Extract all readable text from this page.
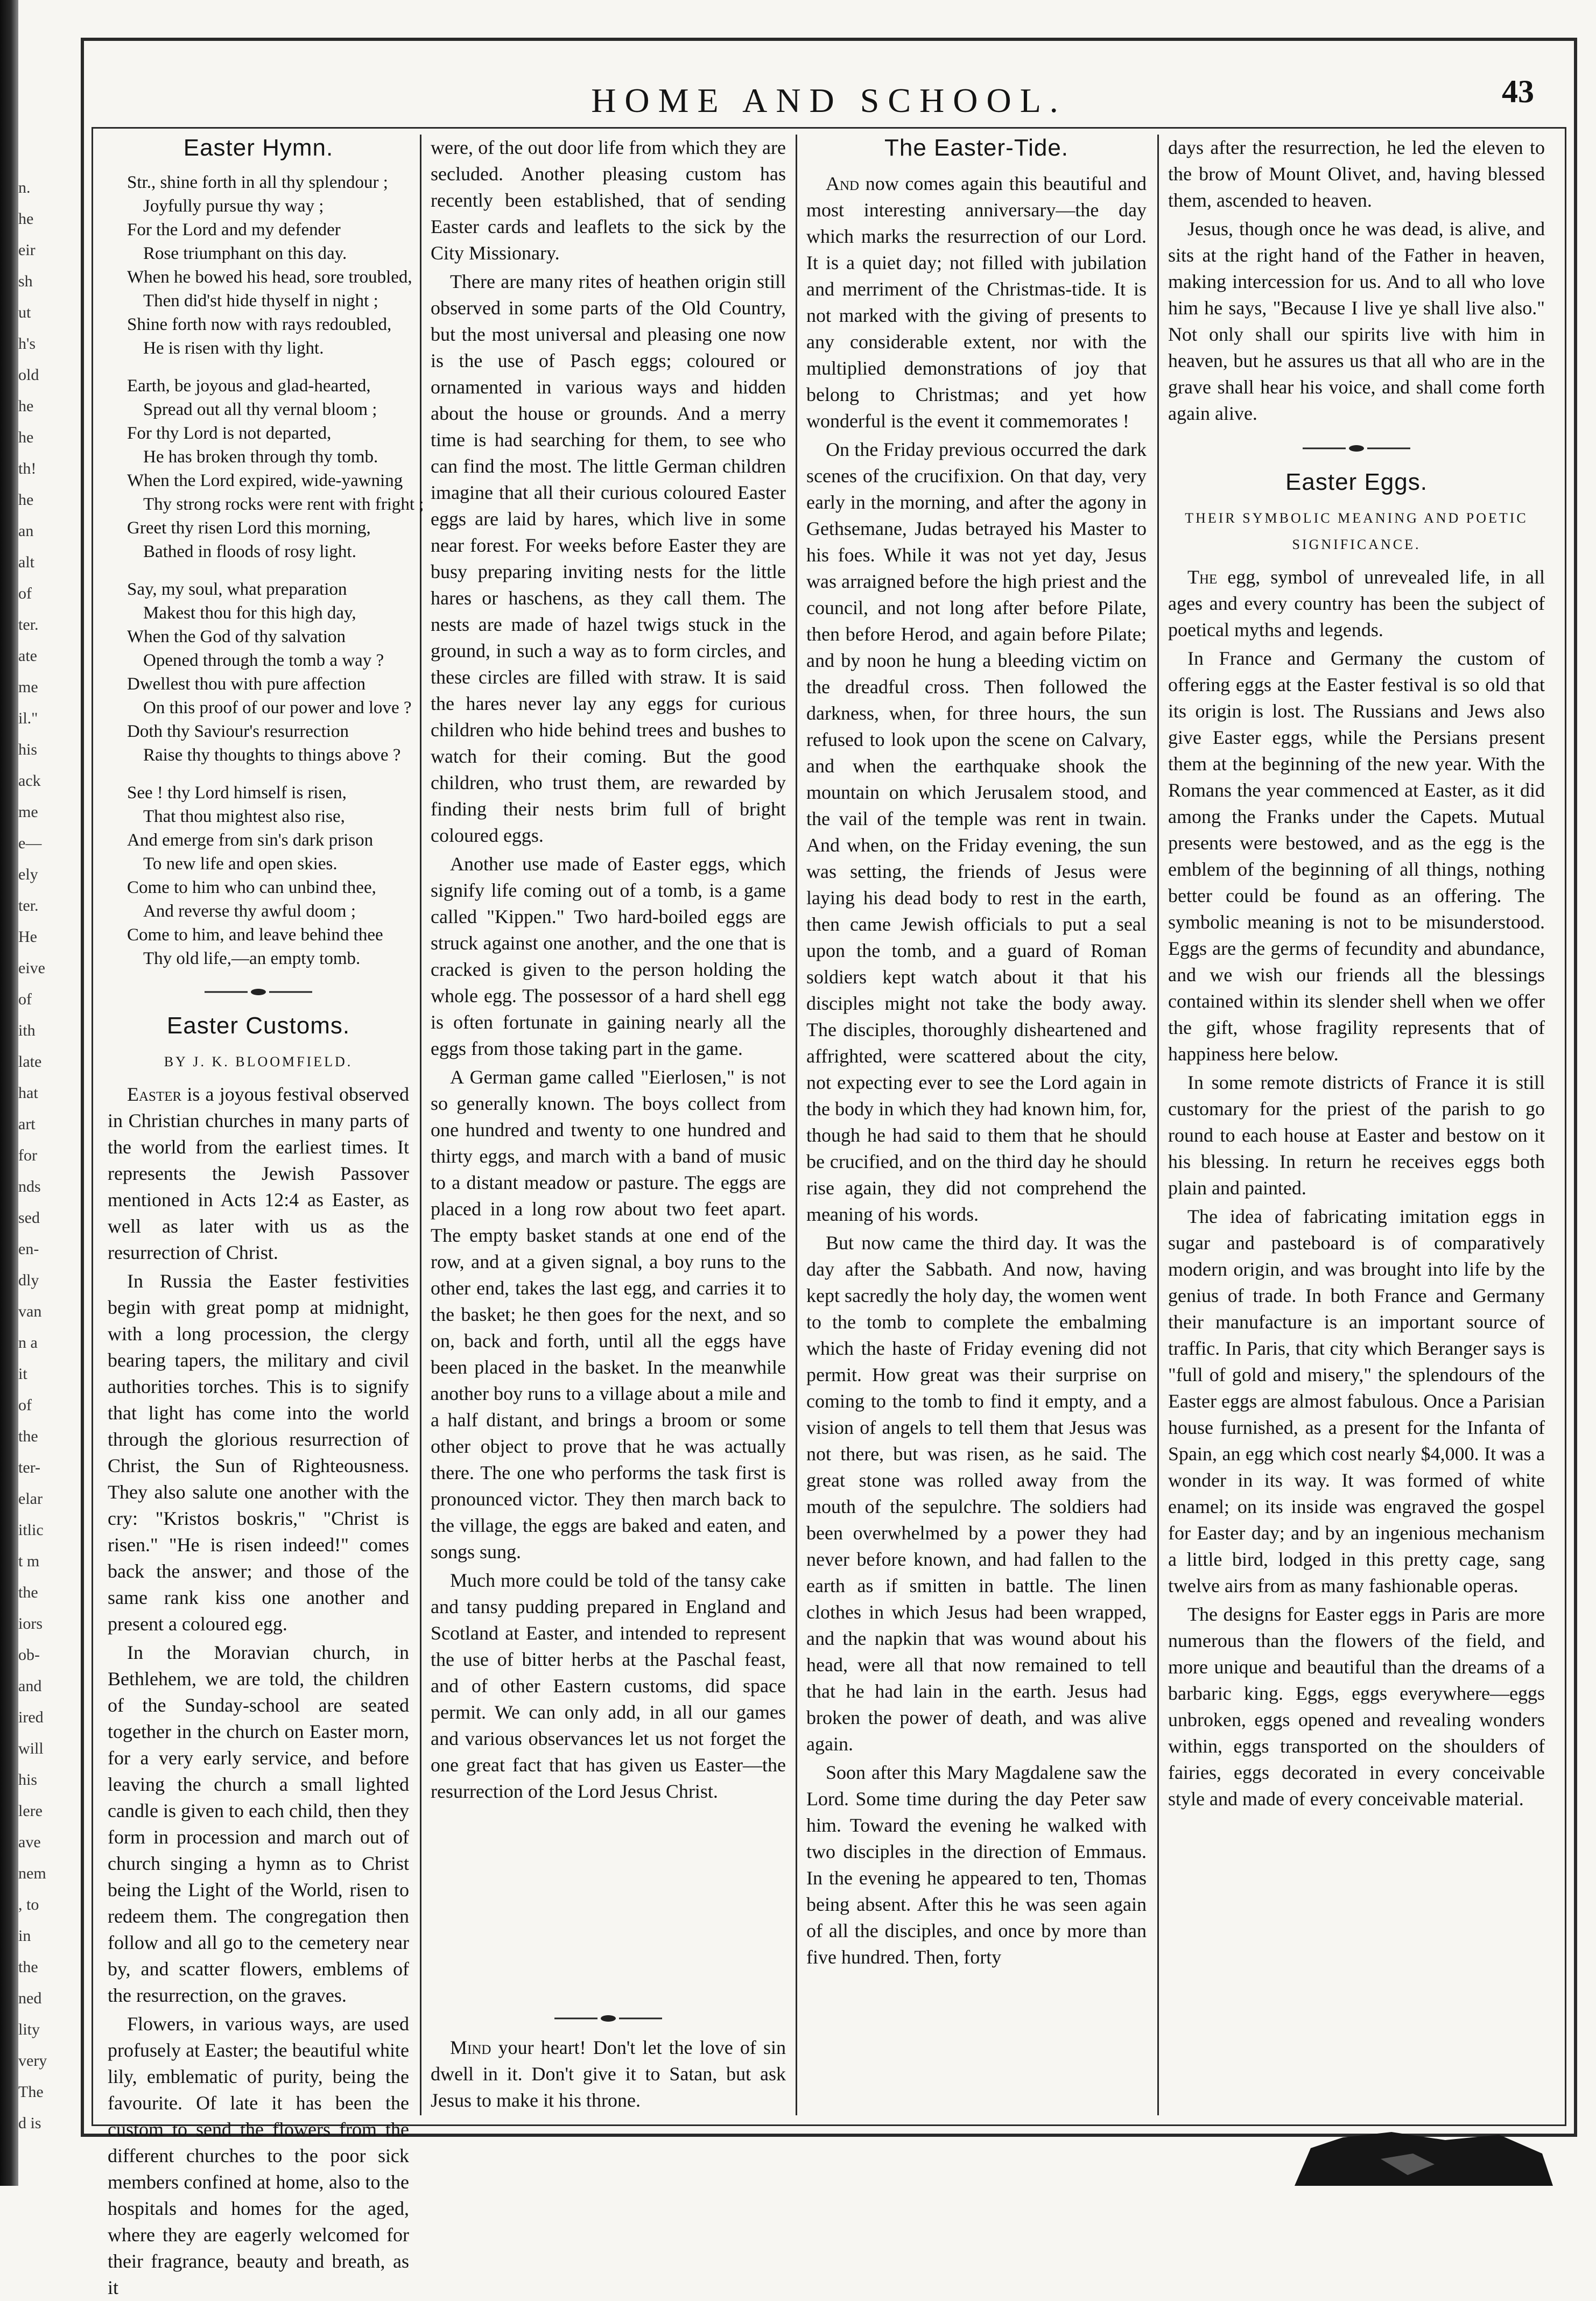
n.
he
eir
sh
ut
h's
old
he
he
th!
he
an
alt
of
ter.
ate
me
il."
his
ack
me
e—
ely
ter.
He
eive
of
ith
late
hat
art
for
nds
sed
en-
dly
van
n a
it
of
the
ter-
elar
itlic
t m
the
iors
ob-
and
ired
will
his
lere
ave
nem
, to
in
the
ned
lity
very
The
d is
HOME AND SCHOOL.	43
Easter Hymn.
Str., shine forth in all thy splendour ;
Joyfully pursue thy way ;
For the Lord and my defender
Rose triumphant on this day.
When he bowed his head, sore troubled,
Then did'st hide thyself in night ;
Shine forth now with rays redoubled,
He is risen with thy light.
Earth, be joyous and glad-hearted,
Spread out all thy vernal bloom ;
For thy Lord is not departed,
He has broken through thy tomb.
When the Lord expired, wide-yawning
Thy strong rocks were rent with fright ;
Greet thy risen Lord this morning,
Bathed in floods of rosy light.
Say, my soul, what preparation
Makest thou for this high day,
When the God of thy salvation
Opened through the tomb a way ?
Dwellest thou with pure affection
On this proof of our power and love ?
Doth thy Saviour's resurrection
Raise thy thoughts to things above ?
See ! thy Lord himself is risen,
That thou mightest also rise,
And emerge from sin's dark prison
To new life and open skies.
Come to him who can unbind thee,
And reverse thy awful doom ;
Come to him, and leave behind thee
Thy old life,—an empty tomb.
Easter Customs.
BY J. K. BLOOMFIELD.

Easter is a joyous festival observed in Christian churches in many parts of the world from the earliest times. It represents the Jewish Passover mentioned in Acts 12:4 as Easter, as well as later with us as the resurrection of Christ.

In Russia the Easter festivities begin with great pomp at midnight, with a long procession, the clergy bearing tapers, the military and civil authorities torches. This is to signify that light has come into the world through the glorious resurrection of Christ, the Sun of Righteousness. They also salute one another with the cry: "Kristos boskris," "Christ is risen." "He is risen indeed!" comes back the answer; and those of the same rank kiss one another and present a coloured egg.

In the Moravian church, in Bethlehem, we are told, the children of the Sunday-school are seated together in the church on Easter morn, for a very early service, and before leaving the church a small lighted candle is given to each child, then they form in procession and march out of church singing a hymn as to Christ being the Light of the World, risen to redeem them. The congregation then follow and all go to the cemetery near by, and scatter flowers, emblems of the resurrection, on the graves.

Flowers, in various ways, are used profusely at Easter; the beautiful white lily, emblematic of purity, being the favourite. Of late it has been the custom to send the flowers from the different churches to the poor sick members confined at home, also to the hospitals and homes for the aged, where they are eagerly welcomed for their fragrance, beauty and breath, as it

were, of the out door life from which they are secluded. Another pleasing custom has recently been established, that of sending Easter cards and leaflets to the sick by the City Missionary.

There are many rites of heathen origin still observed in some parts of the Old Country, but the most universal and pleasing one now is the use of Pasch eggs; coloured or ornamented in various ways and hidden about the house or grounds. And a merry time is had searching for them, to see who can find the most. The little German children imagine that all their curious coloured Easter eggs are laid by hares, which live in some near forest. For weeks before Easter they are busy preparing inviting nests for the little hares or haschens, as they call them. The nests are made of hazel twigs stuck in the ground, in such a way as to form circles, and these circles are filled with straw. It is said the hares never lay any eggs for curious children who hide behind trees and bushes to watch for their coming. But the good children, who trust them, are rewarded by finding their nests brim full of bright coloured eggs.

Another use made of Easter eggs, which signify life coming out of a tomb, is a game called "Kippen." Two hard-boiled eggs are struck against one another, and the one that is cracked is given to the person holding the whole egg. The possessor of a hard shell egg is often fortunate in gaining nearly all the eggs from those taking part in the game.

A German game called "Eierlosen," is not so generally known. The boys collect from one hundred and twenty to one hundred and thirty eggs, and march with a band of music to a distant meadow or pasture. The eggs are placed in a long row about two feet apart. The empty basket stands at one end of the row, and at a given signal, a boy runs to the other end, takes the last egg, and carries it to the basket; he then goes for the next, and so on, back and forth, until all the eggs have been placed in the basket. In the meanwhile another boy runs to a village about a mile and a half distant, and brings a broom or some other object to prove that he was actually there. The one who performs the task first is pronounced victor. They then march back to the village, the eggs are baked and eaten, and songs sung.

Much more could be told of the tansy cake and tansy pudding prepared in England and Scotland at Easter, and intended to represent the use of bitter herbs at the Paschal feast, and of other Eastern customs, did space permit. We can only add, in all our games and various observances let us not forget the one great fact that has given us Easter—the resurrection of the Lord Jesus Christ.

The Easter-Tide.

And now comes again this beautiful and most interesting anniversary—the day which marks the resurrection of our Lord. It is a quiet day; not filled with jubilation and merriment of the Christmas-tide. It is not marked with the giving of presents to any considerable extent, nor with the multiplied demonstrations of joy that belong to Christmas; and yet how wonderful is the event it commemorates !

On the Friday previous occurred the dark scenes of the crucifixion. On that day, very early in the morning, and after the agony in Gethsemane, Judas betrayed his Master to his foes. While it was not yet day, Jesus was arraigned before the high priest and the council, and not long after before Pilate, then before Herod, and again before Pilate; and by noon he hung a bleeding victim on the dreadful cross. Then followed the darkness, when, for three hours, the sun refused to look upon the scene on Calvary, and when the earthquake shook the mountain on which Jerusalem stood, and the vail of the temple was rent in twain. And when, on the Friday evening, the sun was setting, the friends of Jesus were laying his dead body to rest in the earth, then came Jewish officials to put a seal upon the tomb, and a guard of Roman soldiers kept watch about it that his disciples might not take the body away. The disciples, thoroughly disheartened and affrighted, were scattered about the city, not expecting ever to see the Lord again in the body in which they had known him, for, though he had said to them that he should be crucified, and on the third day he should rise again, they did not comprehend the meaning of his words.

But now came the third day. It was the day after the Sabbath. And now, having kept sacredly the holy day, the women went to the tomb to complete the embalming which the haste of Friday evening did not permit. How great was their surprise on coming to the tomb to find it empty, and a vision of angels to tell them that Jesus was not there, but was risen, as he said. The great stone was rolled away from the mouth of the sepulchre. The soldiers had been overwhelmed by a power they had never before known, and had fallen to the earth as if smitten in battle. The linen clothes in which Jesus had been wrapped, and the napkin that was wound about his head, were all that now remained to tell that he had lain in the earth. Jesus had broken the power of death, and was alive again.

Soon after this Mary Magdalene saw the Lord. Some time during the day Peter saw him. Toward the evening he walked with two disciples in the direction of Emmaus. In the evening he appeared to ten, Thomas being absent. After this he was seen again of all the disciples, and once by more than five hundred. Then, forty

days after the resurrection, he led the eleven to the brow of Mount Olivet, and, having blessed them, ascended to heaven.

Jesus, though once he was dead, is alive, and sits at the right hand of the Father in heaven, making intercession for us. And to all who love him he says, "Because I live ye shall live also." Not only shall our spirits live with him in heaven, but he assures us that all who are in the grave shall hear his voice, and shall come forth again alive.

Easter Eggs.
THEIR SYMBOLIC MEANING AND POETIC SIGNIFICANCE.

The egg, symbol of unrevealed life, in all ages and every country has been the subject of poetical myths and legends.

In France and Germany the custom of offering eggs at the Easter festival is so old that its origin is lost. The Russians and Jews also give Easter eggs, while the Persians present them at the beginning of the new year. With the Romans the year commenced at Easter, as it did among the Franks under the Capets. Mutual presents were bestowed, and as the egg is the emblem of the beginning of all things, nothing better could be found as an offering. The symbolic meaning is not to be misunderstood. Eggs are the germs of fecundity and abundance, and we wish our friends all the blessings contained within its slender shell when we offer the gift, whose fragility represents that of happiness here below.

In some remote districts of France it is still customary for the priest of the parish to go round to each house at Easter and bestow on it his blessing. In return he receives eggs both plain and painted.

The idea of fabricating imitation eggs in sugar and pasteboard is of comparatively modern origin, and was brought into life by the genius of trade. In both France and Germany their manufacture is an important source of traffic. In Paris, that city which Beranger says is "full of gold and misery," the splendours of the Easter eggs are almost fabulous. Once a Parisian house furnished, as a present for the Infanta of Spain, an egg which cost nearly $4,000. It was a wonder in its way. It was formed of white enamel; on its inside was engraved the gospel for Easter day; and by an ingenious mechanism a little bird, lodged in this pretty cage, sang twelve airs from as many fashionable operas.

The designs for Easter eggs in Paris are more numerous than the flowers of the field, and more unique and beautiful than the dreams of a barbaric king. Eggs, eggs everywhere—eggs unbroken, eggs opened and revealing wonders within, eggs transported on the shoulders of fairies, eggs decorated in every conceivable style and made of every conceivable material.

Mind your heart! Don't let the love of sin dwell in it. Don't give it to Satan, but ask Jesus to make it his throne.
